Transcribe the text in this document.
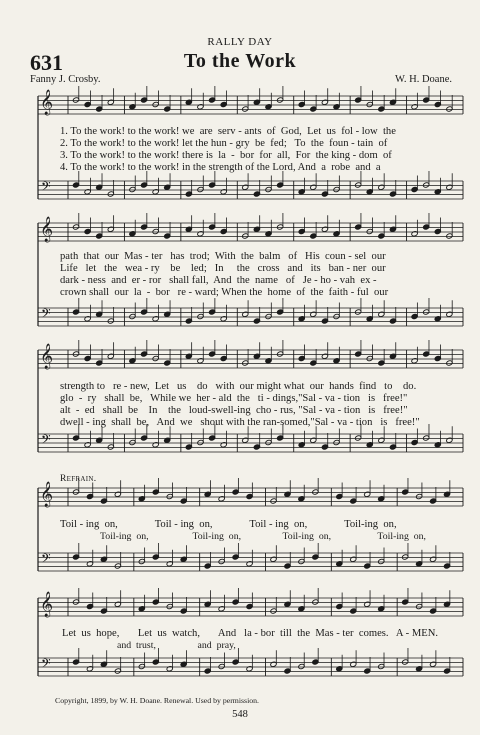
RALLY DAY
631	To the Work
Fanny J. Crosby.	W. H. Doane.
𝄞
𝄢
𝄞
𝄢
𝄞
𝄢
𝄞
𝄢
𝄞
𝄢
1. To the work! to the work! we  are  serv - ants  of  God,  Let  us  fol - low  the
2. To the work! to the work! let the hun - gry  be  fed;   To  the  foun - tain  of
3. To the work! to the work! there is  la  -  bor  for  all,  For  the king - dom  of
4. To the work! to the work! in the strength of the Lord, And  a  robe  and  a
path  that  our  Mas - ter   has  trod;  With  the  balm   of   His  coun - sel  our
Life   let   the   wea - ry    be    led;   In     the   cross   and   its   ban - ner  our
dark - ness  and  er - ror   shall fall,  And  the  name   of   Je - ho - vah  ex -
crown shall  our  la  -  bor   re - ward; When the  home  of  the  faith - ful  our
strength to   re - new,  Let   us    do   with  our might what  our  hands  find   to    do.
glo  -  ry   shall  be,   While we  her - ald  the   ti - dings,"Sal - va - tion   is   free!"
alt  -  ed   shall  be    In    the   loud-swell-ing  cho - rus, "Sal - va - tion   is   free!"
dwell - ing  shall  be,   And  we   shout with the ran-somed,"Sal - va - tion   is   free!"
Refrain.
Toil - ing  on,              Toil - ing  on,              Toil - ing  on,              Toil-ing  on,
Toil-ing  on,                  Toil-ing  on,                 Toil-ing  on,                   Toil-ing  on,
Let  us  hope,       Let  us  watch,       And   la - bor  till  the  Mas - ter  comes.   A - MEN.
and  trust,                 and  pray,
Copyright, 1899, by W. H. Doane. Renewal. Used by permission.
548
